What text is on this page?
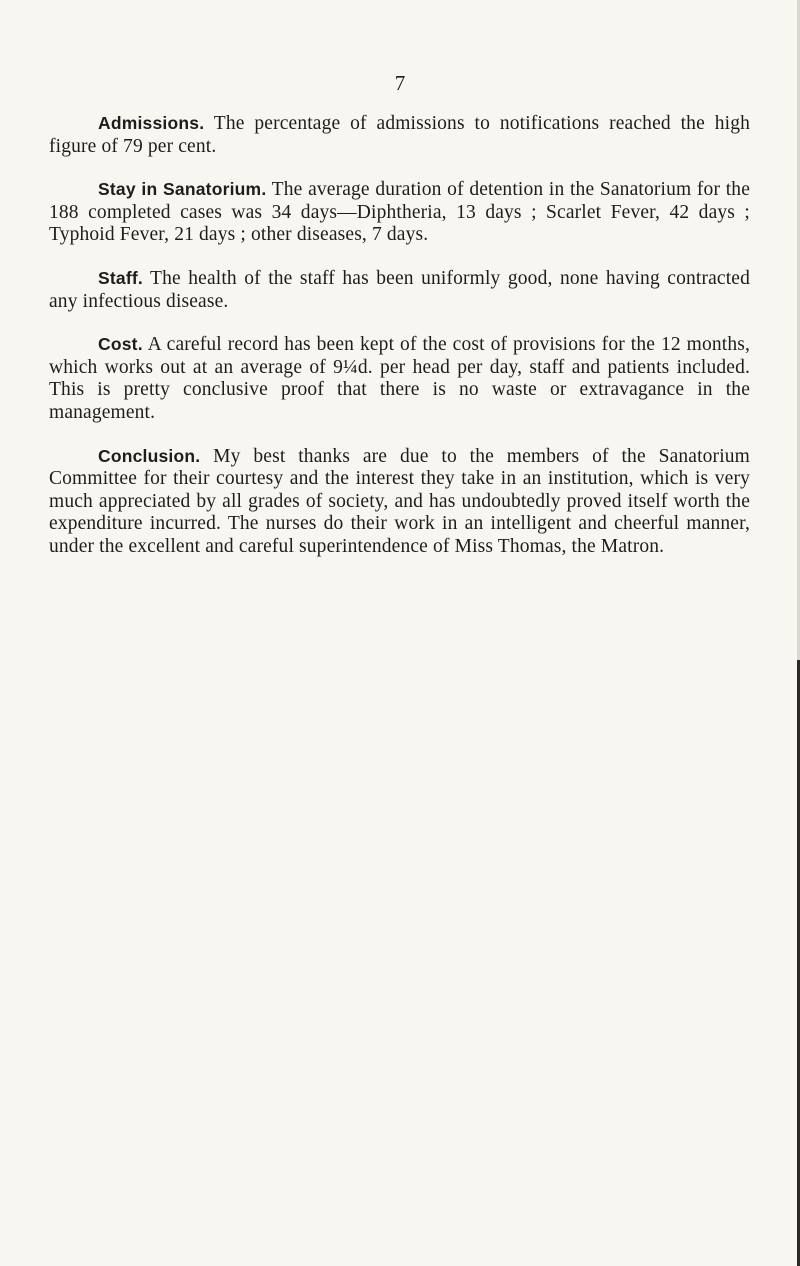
7

Admissions. The percentage of admissions to notifications reached the high figure of 79 per cent.

Stay in Sanatorium. The average duration of detention in the Sanatorium for the 188 completed cases was 34 days—Diphtheria, 13 days ; Scarlet Fever, 42 days ; Typhoid Fever, 21 days ; other diseases, 7 days.

Staff. The health of the staff has been uniformly good, none having contracted any infectious disease.

Cost. A careful record has been kept of the cost of provisions for the 12 months, which works out at an average of 9¼d. per head per day, staff and patients included. This is pretty conclusive proof that there is no waste or extravagance in the management.

Conclusion. My best thanks are due to the members of the Sanatorium Committee for their courtesy and the interest they take in an institution, which is very much appreciated by all grades of society, and has undoubtedly proved itself worth the expenditure incurred. The nurses do their work in an intelligent and cheerful manner, under the excellent and careful superintendence of Miss Thomas, the Matron.
